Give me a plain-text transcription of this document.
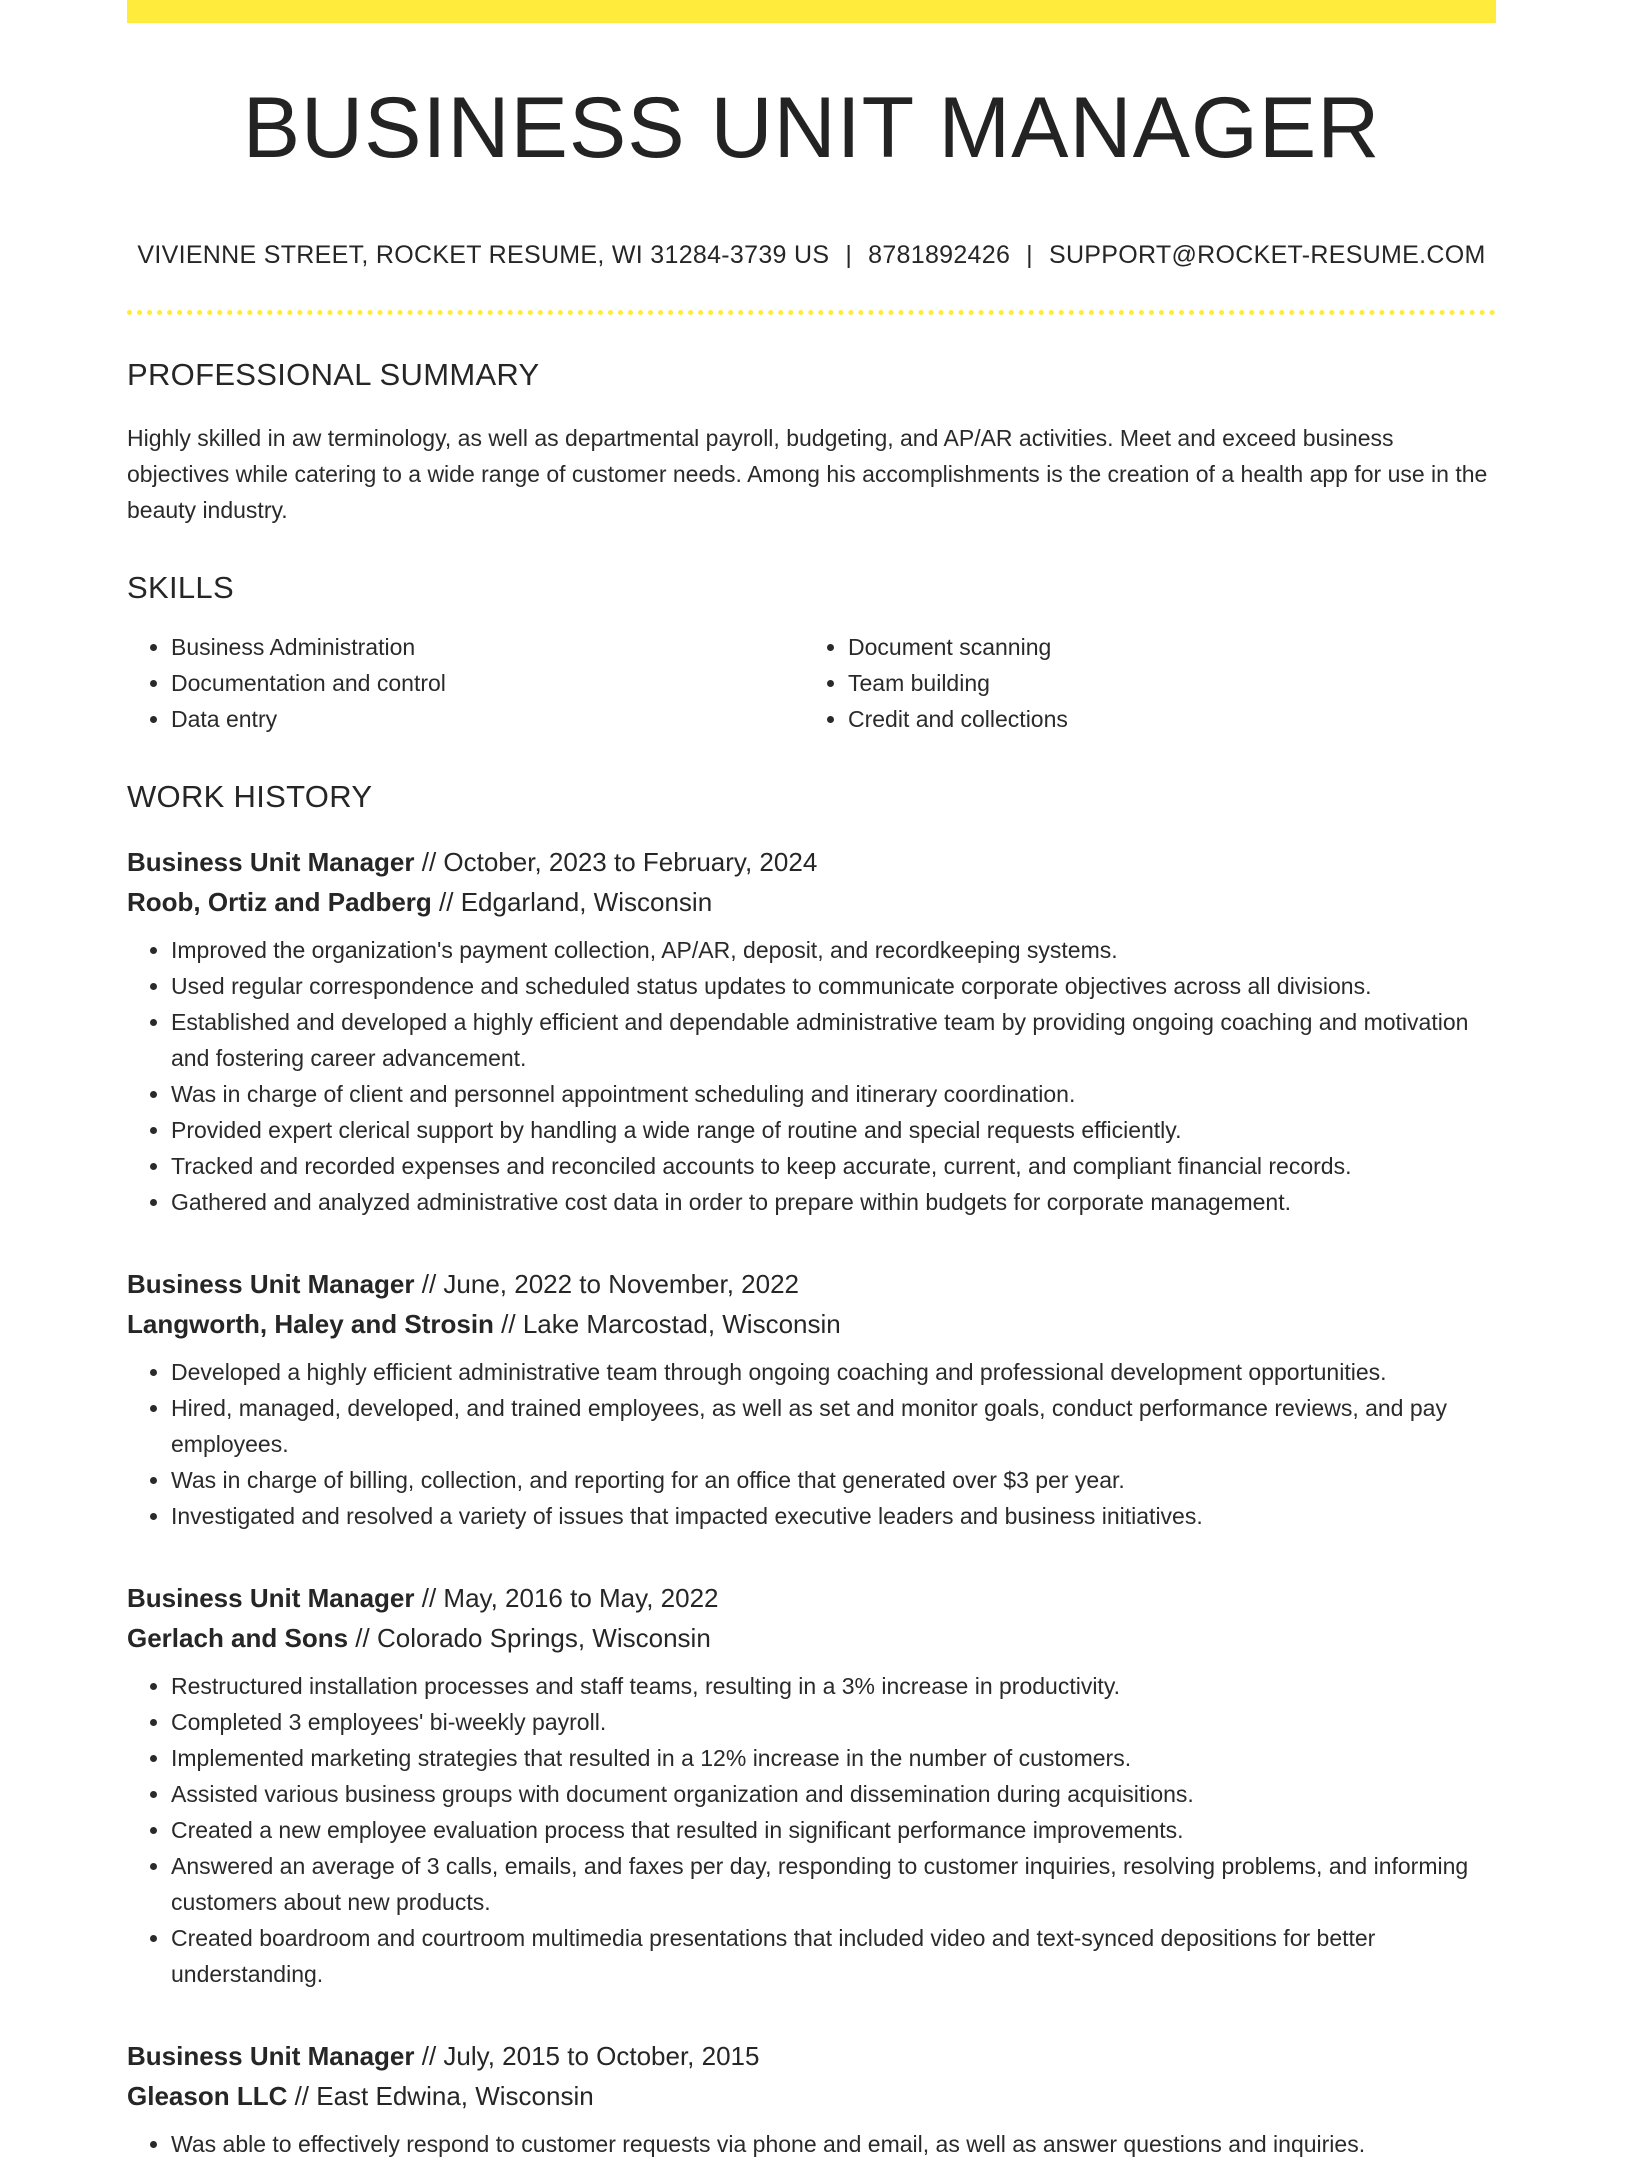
BUSINESS UNIT MANAGER
VIVIENNE STREET, ROCKET RESUME, WI 31284-3739 US | 8781892426 | SUPPORT@ROCKET-RESUME.COM
PROFESSIONAL SUMMARY

Highly skilled in aw terminology, as well as departmental payroll, budgeting, and AP/AR activities. Meet and exceed business objectives while catering to a wide range of customer needs. Among his accomplishments is the creation of a health app for use in the beauty industry.

SKILLS
• Business Administration
• Documentation and control
• Data entry
• Document scanning
• Team building
• Credit and collections
WORK HISTORY
Business Unit Manager // October, 2023 to February, 2024
Roob, Ortiz and Padberg // Edgarland, Wisconsin
• Improved the organization's payment collection, AP/AR, deposit, and recordkeeping systems.
• Used regular correspondence and scheduled status updates to communicate corporate objectives across all divisions.
• Established and developed a highly efficient and dependable administrative team by providing ongoing coaching and motivation and fostering career advancement.
• Was in charge of client and personnel appointment scheduling and itinerary coordination.
• Provided expert clerical support by handling a wide range of routine and special requests efficiently.
• Tracked and recorded expenses and reconciled accounts to keep accurate, current, and compliant financial records.
• Gathered and analyzed administrative cost data in order to prepare within budgets for corporate management.
Business Unit Manager // June, 2022 to November, 2022
Langworth, Haley and Strosin // Lake Marcostad, Wisconsin
• Developed a highly efficient administrative team through ongoing coaching and professional development opportunities.
• Hired, managed, developed, and trained employees, as well as set and monitor goals, conduct performance reviews, and pay employees.
• Was in charge of billing, collection, and reporting for an office that generated over $3 per year.
• Investigated and resolved a variety of issues that impacted executive leaders and business initiatives.
Business Unit Manager // May, 2016 to May, 2022
Gerlach and Sons // Colorado Springs, Wisconsin
• Restructured installation processes and staff teams, resulting in a 3% increase in productivity.
• Completed 3 employees' bi-weekly payroll.
• Implemented marketing strategies that resulted in a 12% increase in the number of customers.
• Assisted various business groups with document organization and dissemination during acquisitions.
• Created a new employee evaluation process that resulted in significant performance improvements.
• Answered an average of 3 calls, emails, and faxes per day, responding to customer inquiries, resolving problems, and informing customers about new products.
• Created boardroom and courtroom multimedia presentations that included video and text-synced depositions for better understanding.
Business Unit Manager // July, 2015 to October, 2015
Gleason LLC // East Edwina, Wisconsin
• Was able to effectively respond to customer requests via phone and email, as well as answer questions and inquiries.
